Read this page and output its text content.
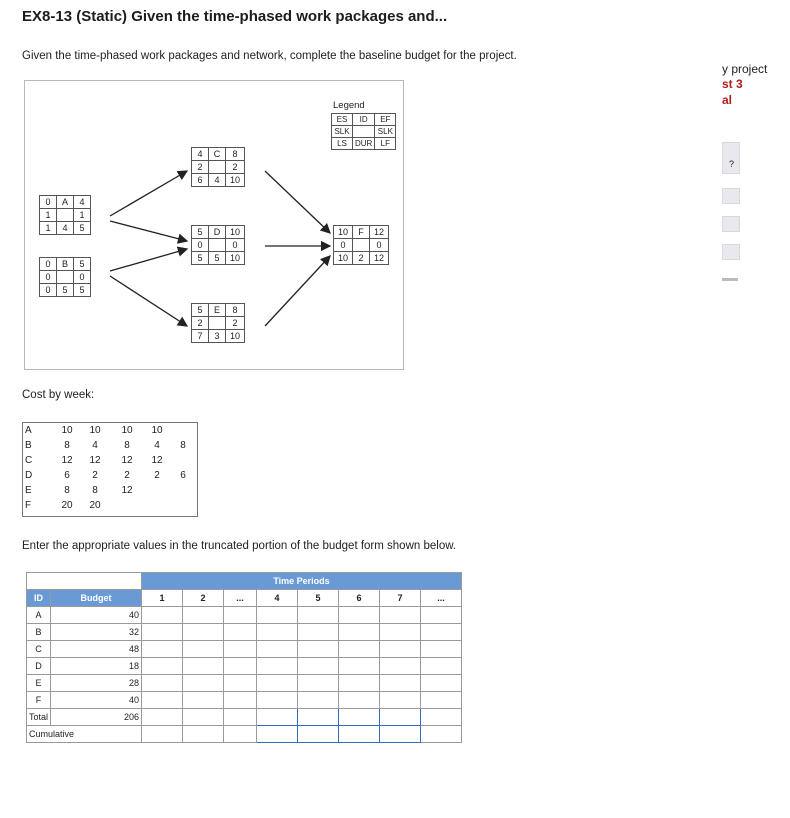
EX8-13 (Static) Given the time-phased work packages and...
Given the time-phased work packages and network, complete the baseline budget for the project.
y project
st 3
al
?
Legend
ES	ID	EF
SLK		SLK
LS	DUR	LF
0	A	4
1		1
1	4	5
0	B	5
0		0
0	5	5
4	C	8
2		2
6	4	10
5	D	10
0		0
5	5	10
5	E	8
2		2
7	3	10
10	F	12
0		0
10	2	12
Cost by week:
A	10	10	10	10
B	8	4	8	4	8
C	12	12	12	12
D	6	2	2	2	6
E	8	8	12
F	20	20
Enter the appropriate values in the truncated portion of the budget form shown below.
		Time Periods							
ID	Budget	1	2	...	4	5	6	7	...
A	40								
B	32								
C	48								
D	18								
E	28								
F	40								
Total	206								
Cumulative									
